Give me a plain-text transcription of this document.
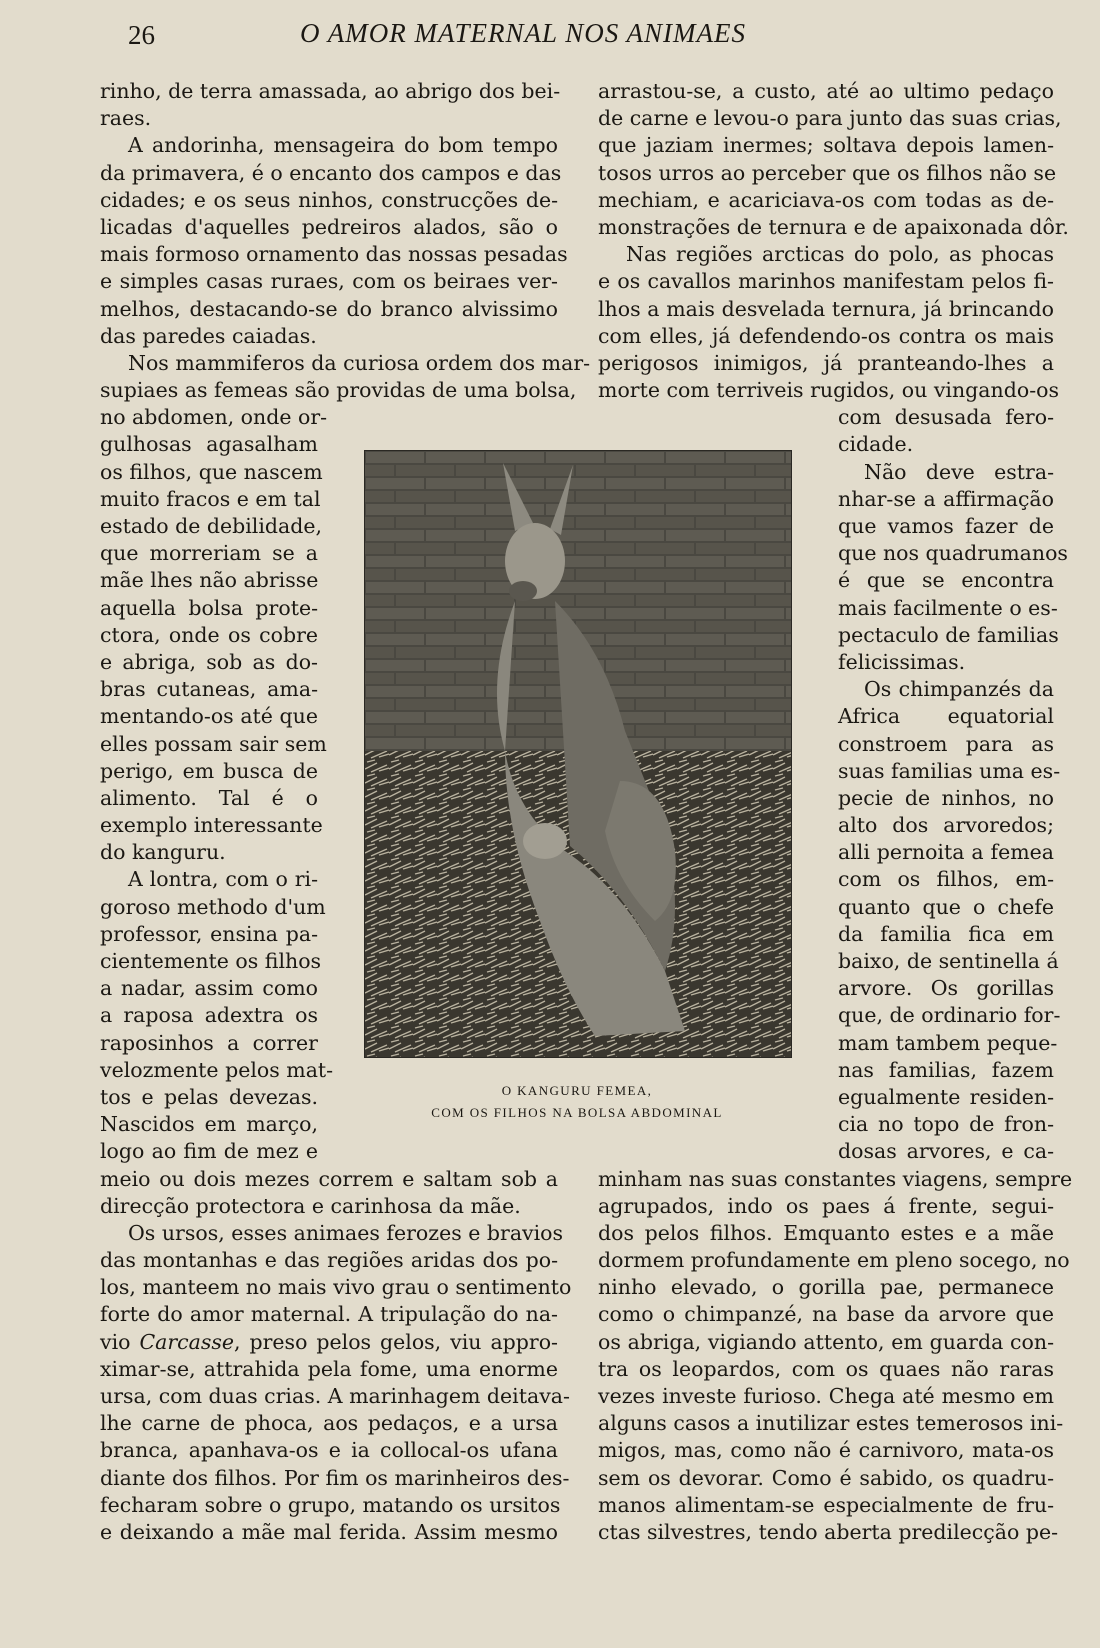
26	O AMOR MATERNAL NOS ANIMAES
rinho, de terra amassada, ao abrigo dos bei-
raes.
A andorinha, mensageira do bom tempo
da primavera, é o encanto dos campos e das
cidades; e os seus ninhos, construcções de-
licadas d'aquelles pedreiros alados, são o
mais formoso ornamento das nossas pesadas
e simples casas ruraes, com os beiraes ver-
melhos, destacando-se do branco alvissimo
das paredes caiadas.
Nos mammiferos da curiosa ordem dos mar-
supiaes as femeas são providas de uma bolsa,
no abdomen, onde or-
gulhosas agasalham
os filhos, que nascem
muito fracos e em tal
estado de debilidade,
que morreriam se a
mãe lhes não abrisse
aquella bolsa prote-
ctora, onde os cobre
e abriga, sob as do-
bras cutaneas, ama-
mentando-os até que
elles possam sair sem
perigo, em busca de
alimento. Tal é o
exemplo interessante
do kanguru.
A lontra, com o ri-
goroso methodo d'um
professor, ensina pa-
cientemente os filhos
a nadar, assim como
a raposa adextra os
raposinhos a correr
velozmente pelos mat-
tos e pelas devezas.
Nascidos em março,
logo ao fim de mez e
meio ou dois mezes correm e saltam sob a
direcção protectora e carinhosa da mãe.
Os ursos, esses animaes ferozes e bravios
das montanhas e das regiões aridas dos po-
los, manteem no mais vivo grau o sentimento
forte do amor maternal. A tripulação do na-
vio Carcasse, preso pelos gelos, viu appro-
ximar-se, attrahida pela fome, uma enorme
ursa, com duas crias. A marinhagem deitava-
lhe carne de phoca, aos pedaços, e a ursa
branca, apanhava-os e ia collocal-os ufana
diante dos filhos. Por fim os marinheiros des-
fecharam sobre o grupo, matando os ursitos
e deixando a mãe mal ferida. Assim mesmo
arrastou-se, a custo, até ao ultimo pedaço
de carne e levou-o para junto das suas crias,
que jaziam inermes; soltava depois lamen-
tosos urros ao perceber que os filhos não se
mechiam, e acariciava-os com todas as de-
monstrações de ternura e de apaixonada dôr.
Nas regiões arcticas do polo, as phocas
e os cavallos marinhos manifestam pelos fi-
lhos a mais desvelada ternura, já brincando
com elles, já defendendo-os contra os mais
perigosos inimigos, já pranteando-lhes a
morte com terriveis rugidos, ou vingando-os
com desusada fero-
cidade.
Não deve estra-
nhar-se a affirmação
que vamos fazer de
que nos quadrumanos
é que se encontra
mais facilmente o es-
pectaculo de familias
felicissimas.
Os chimpanzés da
Africa equatorial
constroem para as
suas familias uma es-
pecie de ninhos, no
alto dos arvoredos;
alli pernoita a femea
com os filhos, em-
quanto que o chefe
da familia fica em
baixo, de sentinella á
arvore. Os gorillas
que, de ordinario for-
mam tambem peque-
nas familias, fazem
egualmente residen-
cia no topo de fron-
dosas arvores, e ca-
minham nas suas constantes viagens, sempre
agrupados, indo os paes á frente, segui-
dos pelos filhos. Emquanto estes e a mãe
dormem profundamente em pleno socego, no
ninho elevado, o gorilla pae, permanece
como o chimpanzé, na base da arvore que
os abriga, vigiando attento, em guarda con-
tra os leopardos, com os quaes não raras
vezes investe furioso. Chega até mesmo em
alguns casos a inutilizar estes temerosos ini-
migos, mas, como não é carnivoro, mata-os
sem os devorar. Como é sabido, os quadru-
manos alimentam-se especialmente de fru-
ctas silvestres, tendo aberta predilecção pe-
O KANGURU FEMEA,
COM OS FILHOS NA BOLSA ABDOMINAL
